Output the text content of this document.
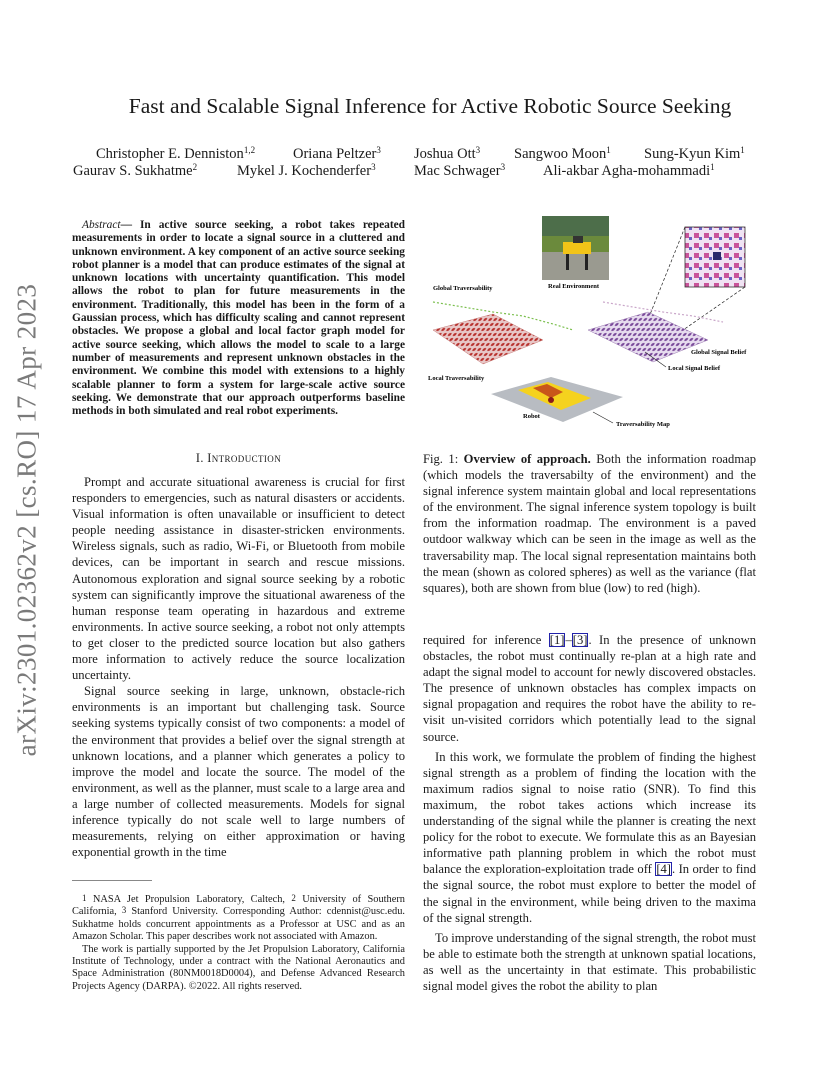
arXiv:2301.02362v2 [cs.RO] 17 Apr 2023
Fast and Scalable Signal Inference for Active Robotic Source Seeking
Christopher E. Denniston$^{1,2}$	Oriana Peltzer$^3$ Joshua Ott$^3$ Sangwoo Moon$^1$ Sung-Kyun Kim$^1$
Gaurav S. Sukhatme$^2$	Mykel J. Kochenderfer$^3$	Mac Schwager$^3$	Ali-akbar Agha-mohammadi$^1$
Abstract— In active source seeking, a robot takes repeated measurements in order to locate a signal source in a cluttered and unknown environment. A key component of an active source seeking robot planner is a model that can produce estimates of the signal at unknown locations with uncertainty quantification. This model allows the robot to plan for future measurements in the environment. Traditionally, this model has been in the form of a Gaussian process, which has difficulty scaling and cannot represent obstacles. We propose a global and local factor graph model for active source seeking, which allows the model to scale to a large number of measurements and represent unknown obstacles in the environment. We combine this model with extensions to a highly scalable planner to form a system for large-scale active source seeking. We demonstrate that our approach outperforms baseline methods in both simulated and real robot experiments.
I. Introduction

Prompt and accurate situational awareness is crucial for first responders to emergencies, such as natural disasters or accidents. Visual information is often unavailable or insufficient to detect people needing assistance in disaster-stricken environments. Wireless signals, such as radio, Wi-Fi, or Bluetooth from mobile devices, can be important in search and rescue missions. Autonomous exploration and signal source seeking by a robotic system can significantly improve the situational awareness of the human response team operating in hazardous and extreme environments. In active source seeking, a robot not only attempts to get closer to the predicted source location but also gathers more information to actively reduce the source localization uncertainty.

Signal source seeking in large, unknown, obstacle-rich environments is an important but challenging task. Source seeking systems typically consist of two components: a model of the environment that provides a belief over the signal strength at unknown locations, and a planner which generates a policy to improve the model and locate the source. The model of the environment, as well as the planner, must scale to a large area and a large number of collected measurements. Models for signal inference typically do not scale well to large numbers of measurements, relying on either approximation or having exponential growth in the time

$^1$ NASA Jet Propulsion Laboratory, Caltech, $^2$ University of Southern California, $^3$ Stanford University. Corresponding Author: cdennist@usc.edu. Sukhatme holds concurrent appointments as a Professor at USC and as an Amazon Scholar. This paper describes work not associated with Amazon.

The work is partially supported by the Jet Propulsion Laboratory, California Institute of Technology, under a contract with the National Aeronautics and Space Administration (80NM0018D0004), and Defense Advanced Research Projects Agency (DARPA). ©2022. All rights reserved.

Real Environment
Global Traversability
Local Traversability
Global Signal Belief
Local Signal Belief
Robot
Traversability Map
Fig. 1: Overview of approach. Both the information roadmap (which models the traversabilty of the environment) and the signal inference system maintain global and local representations of the environment. The signal inference system topology is built from the information roadmap. The environment is a paved outdoor walkway which can be seen in the image as well as the traversability map. The local signal representation maintains both the mean (shown as colored spheres) as well as the variance (flat squares), both are shown from blue (low) to red (high).

required for inference [1]–[3]. In the presence of unknown obstacles, the robot must continually re-plan at a high rate and adapt the signal model to account for newly discovered obstacles. The presence of unknown obstacles has complex impacts on signal propagation and requires the robot have the ability to re-visit un-visited corridors which potentially lead to the signal source.

In this work, we formulate the problem of finding the highest signal strength as a problem of finding the location with the maximum radios signal to noise ratio (SNR). To find this maximum, the robot takes actions which increase its understanding of the signal while the planner is creating the next policy for the robot to execute. We formulate this as an Bayesian informative path planning problem in which the robot must balance the exploration-exploitation trade off [4]. In order to find the signal source, the robot must explore to better the model of the signal in the environment, while being driven to the maxima of the signal strength.

To improve understanding of the signal strength, the robot must be able to estimate both the strength at unknown spatial locations, as well as the uncertainty in that estimate. This probabilistic signal model gives the robot the ability to plan
